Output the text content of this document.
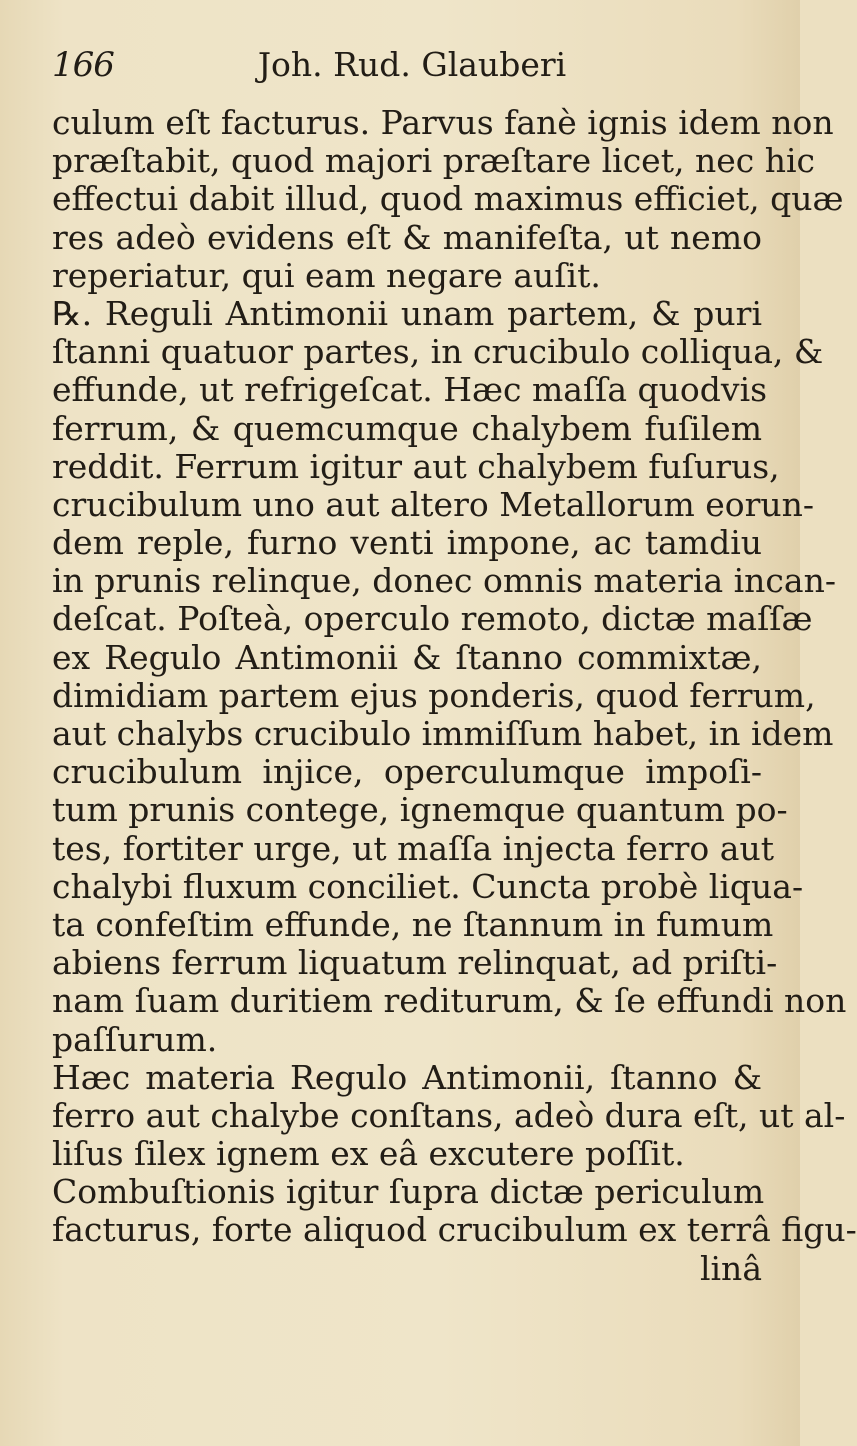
166	Joh. Rud. Glauberi
culum eſt facturus. Parvus fanè ignis idem non
præſtabit, quod majori præſtare licet, nec hic
effectui dabit illud, quod maximus efficiet, quæ
res adeò evidens eſt & manifeſta, ut nemo
reperiatur, qui eam negare auſit.
℞. Reguli Antimonii unam partem, & puri
ſtanni quatuor partes, in crucibulo colliqua, &
effunde, ut refrigeſcat. Hæc maſſa quodvis
ferrum, & quemcumque chalybem fuſilem
reddit. Ferrum igitur aut chalybem fuſurus,
crucibulum uno aut altero Metallorum eorun-
dem reple, furno venti impone, ac tamdiu
in prunis relinque, donec omnis materia incan-
deſcat. Poſteà, operculo remoto, dictæ maſſæ
ex Regulo Antimonii & ſtanno commixtæ,
dimidiam partem ejus ponderis, quod ferrum,
aut chalybs crucibulo immiſſum habet, in idem
crucibulum injice, operculumque impoſi-
tum prunis contege, ignemque quantum po-
tes, fortiter urge, ut maſſa injecta ferro aut
chalybi fluxum conciliet. Cuncta probè liqua-
ta confeſtim effunde, ne ſtannum in fumum
abiens ferrum liquatum relinquat, ad priſti-
nam ſuam duritiem rediturum, & ſe effundi non
paſſurum.
Hæc materia Regulo Antimonii, ſtanno &
ferro aut chalybe conſtans, adeò dura eſt, ut al-
liſus ſilex ignem ex eâ excutere poſſit.
Combuſtionis igitur ſupra dictæ periculum
facturus, forte aliquod crucibulum ex terrâ figu-
linâ
